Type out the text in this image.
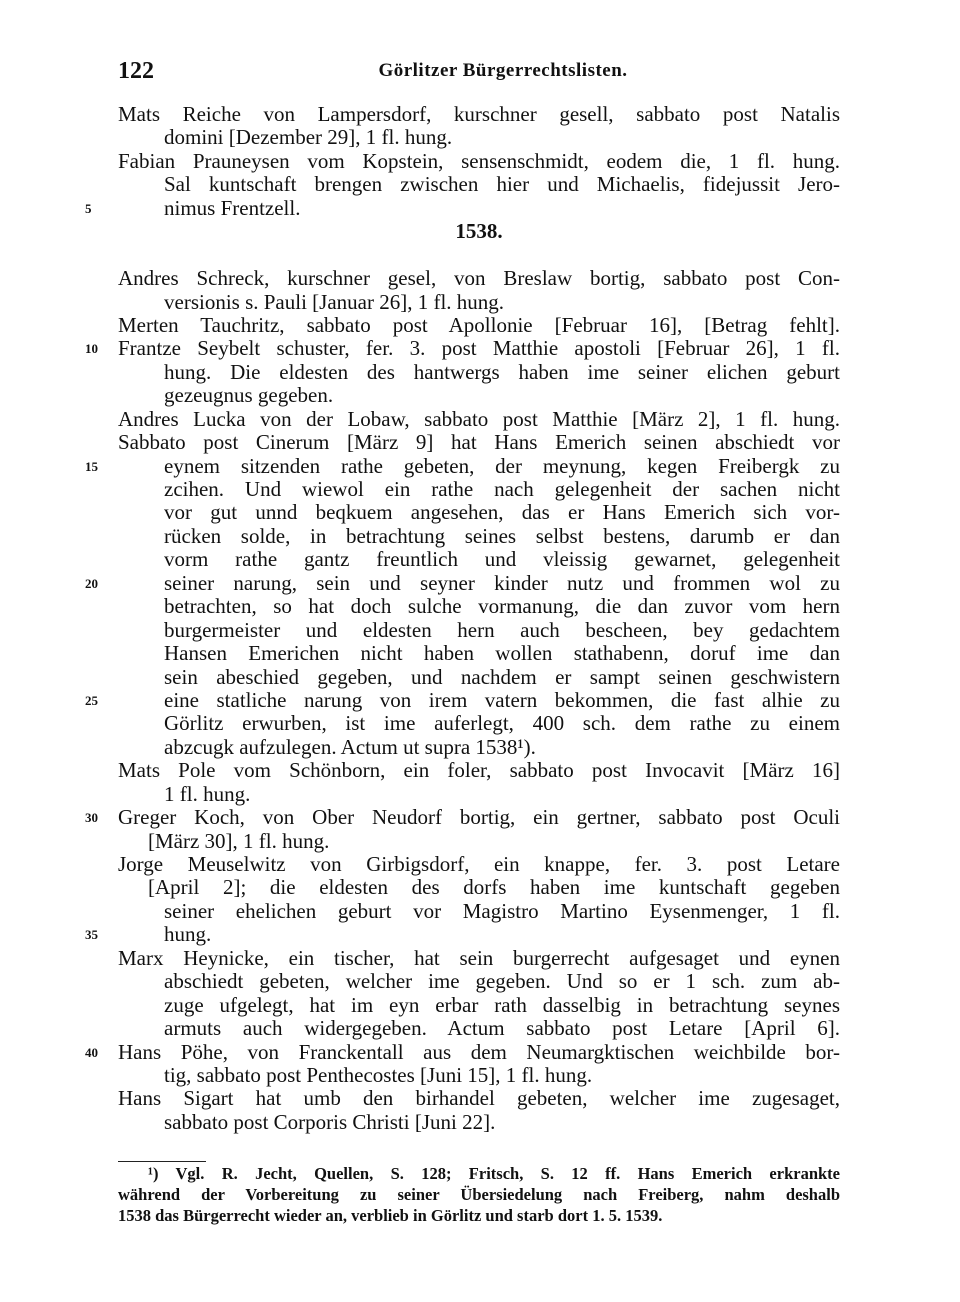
122	Görlitzer Bürgerrechtslisten.
Mats Reiche von Lampersdorf, kurschner gesell, sabbato post Natalis
domini [Dezember 29], 1 fl. hung.
Fabian Prauneysen vom Kopstein, sensenschmidt, eodem die, 1 fl. hung.
Sal kuntschaft brengen zwischen hier und Michaelis, fidejussit Jero-
nimus Frentzell.
5
1538.
Andres Schreck, kurschner gesel, von Breslaw bortig, sabbato post Con-
versionis s. Pauli [Januar 26], 1 fl. hung.
Merten Tauchritz, sabbato post Apollonie [Februar 16], [Betrag fehlt].
Frantze Seybelt schuster, fer. 3. post Matthie apostoli [Februar 26], 1 fl.
10
hung. Die eldesten des hantwergs haben ime seiner elichen geburt
gezeugnus gegeben.
Andres Lucka von der Lobaw, sabbato post Matthie [März 2], 1 fl. hung.
Sabbato post Cinerum [März 9] hat Hans Emerich seinen abschiedt vor
eynem sitzenden rathe gebeten, der meynung, kegen Freibergk zu
15
zcihen. Und wiewol ein rathe nach gelegenheit der sachen nicht
vor gut unnd beqkuem angesehen, das er Hans Emerich sich vor-
rücken solde, in betrachtung seines selbst bestens, darumb er dan
vorm rathe gantz freuntlich und vleissig gewarnet, gelegenheit
seiner narung, sein und seyner kinder nutz und frommen wol zu
20
betrachten, so hat doch sulche vormanung, die dan zuvor vom hern
burgermeister und eldesten hern auch bescheen, bey gedachtem
Hansen Emerichen nicht haben wollen stathabenn, doruf ime dan
sein abeschied gegeben, und nachdem er sampt seinen geschwistern
eine statliche narung von irem vatern bekommen, die fast alhie zu
25
Görlitz erwurben, ist ime auferlegt, 400 sch. dem rathe zu einem
abzcugk aufzulegen. Actum ut supra 1538¹).
Mats Pole vom Schönborn, ein foler, sabbato post Invocavit [März 16]
1 fl. hung.
Greger Koch, von Ober Neudorf bortig, ein gertner, sabbato post Oculi
30
[März 30], 1 fl. hung.
Jorge Meuselwitz von Girbigsdorf, ein knappe, fer. 3. post Letare
[April 2]; die eldesten des dorfs haben ime kuntschaft gegeben
seiner ehelichen geburt vor Magistro Martino Eysenmenger, 1 fl.
hung.
35
Marx Heynicke, ein tischer, hat sein burgerrecht aufgesaget und eynen
abschiedt gebeten, welcher ime gegeben. Und so er 1 sch. zum ab-
zuge ufgelegt, hat im eyn erbar rath dasselbig in betrachtung seynes
armuts auch widergegeben. Actum sabbato post Letare [April 6].
Hans Pöhe, von Franckentall aus dem Neumargktischen weichbilde bor-
40
tig, sabbato post Penthecostes [Juni 15], 1 fl. hung.
Hans Sigart hat umb den birhandel gebeten, welcher ime zugesaget,
sabbato post Corporis Christi [Juni 22].
¹) Vgl. R. Jecht, Quellen, S. 128; Fritsch, S. 12 ff. Hans Emerich erkrankte
während der Vorbereitung zu seiner Übersiedelung nach Freiberg, nahm deshalb
1538 das Bürgerrecht wieder an, verblieb in Görlitz und starb dort 1. 5. 1539.
